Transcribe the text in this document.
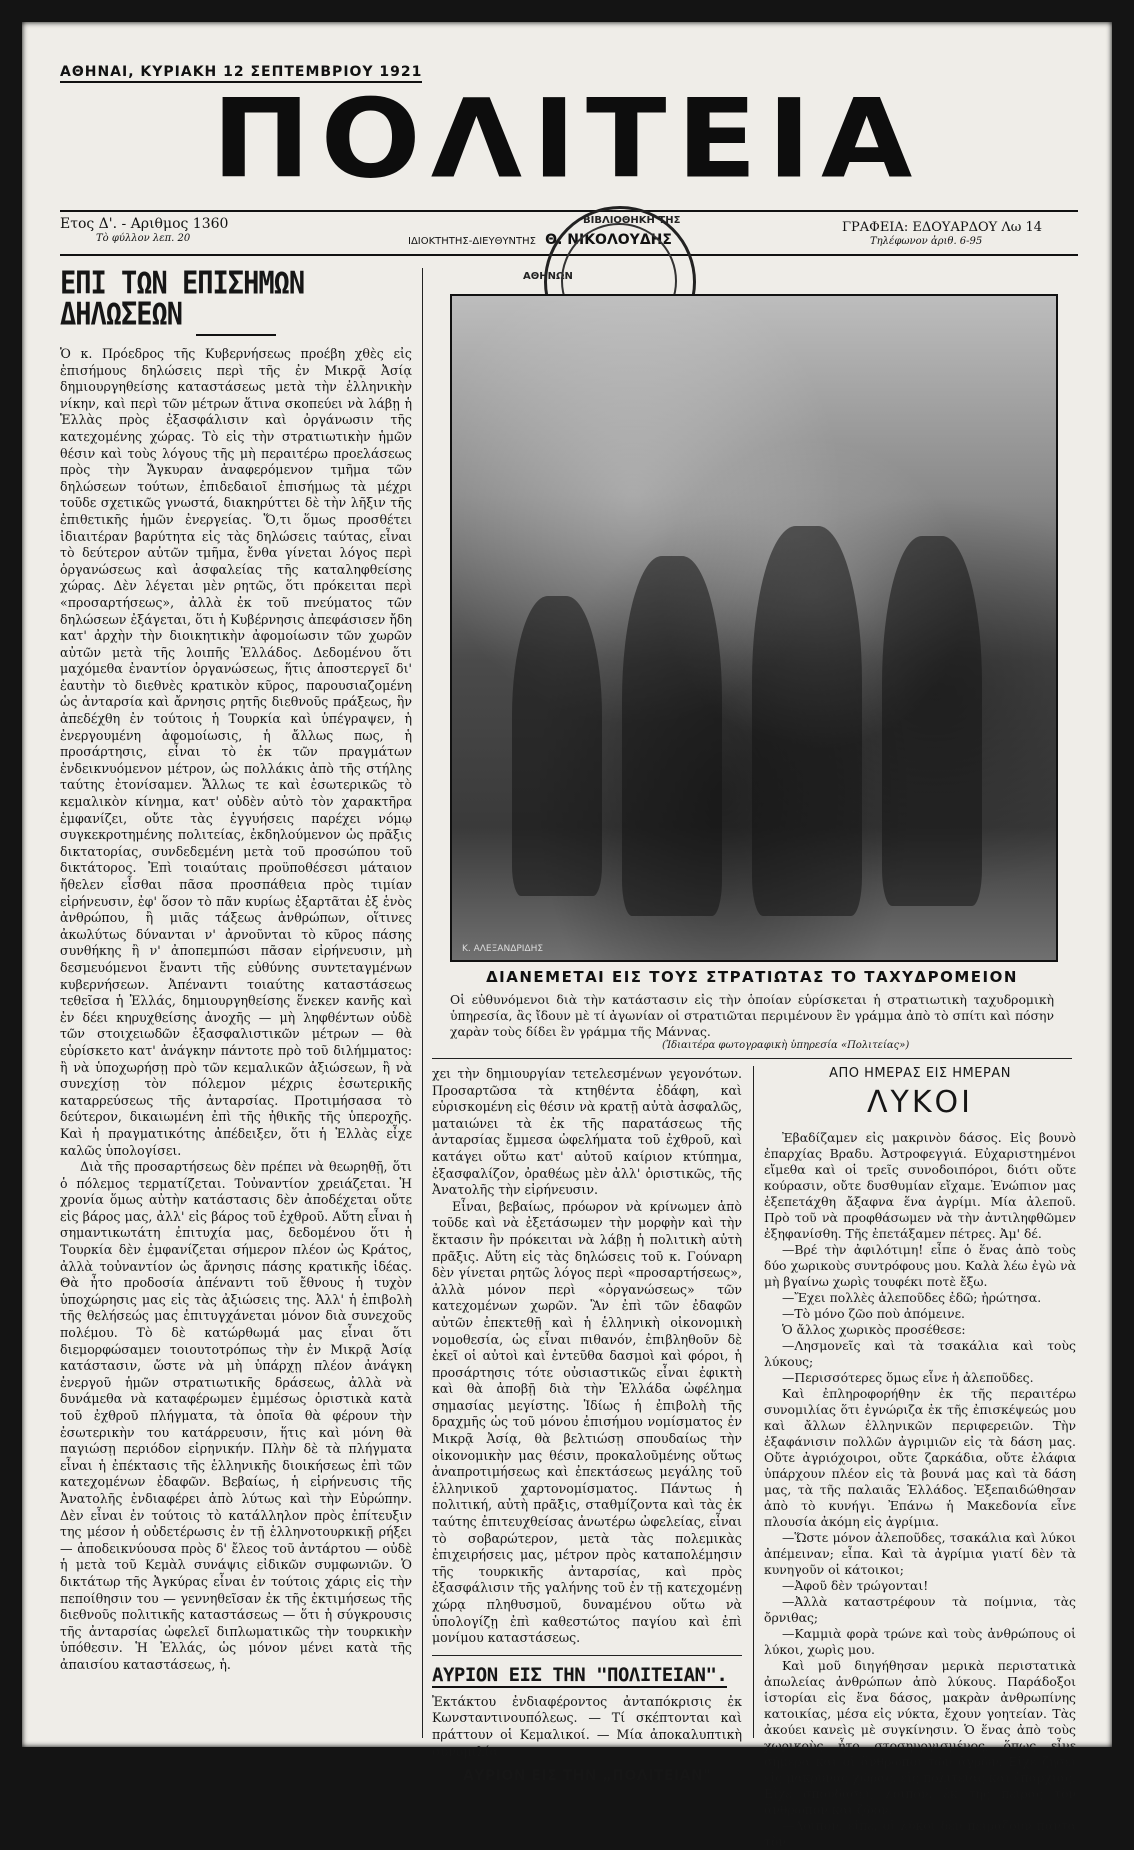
ΑΘΗΝΑΙ, ΚΥΡΙΑΚΗ 12 ΣΕΠΤΕΜΒΡΙΟΥ 1921
ΠΟΛΙΤΕΙΑ
Ετος Δ'. - Αριθμος 1360
Τὸ φύλλον λεπ. 20	ΙΔΙΟΚΤΗΤΗΣ-ΔΙΕΥΘΥΝΤΗΣ Θ. ΝΙΚΟΛΟΥΔΗΣ
ΓΡΑΦΕΙΑ: ΕΔΟΥΑΡΔΟΥ Λω 14
Τηλέφωνον ἀριθ. 6-95
ΒΙΒΛΙΟΘΗΚΗ ΤΗΣ
ΑΘΗΝΩΝ
ΕΠΙ ΤΩΝ ΕΠΙΣΗΜΩΝ ΔΗΛΩΣΕΩΝ

Ὁ κ. Πρόεδρος τῆς Κυβερνήσεως προέβη χθὲς εἰς ἐπισήμους δηλώσεις περὶ τῆς ἐν Μικρᾷ Ἀσίᾳ δημιουργηθείσης καταστάσεως μετὰ τὴν ἑλληνικὴν νίκην, καὶ περὶ τῶν μέτρων ἅτινα σκοπεύει νὰ λάβῃ ἡ Ἑλλὰς πρὸς ἐξασφάλισιν καὶ ὀργάνωσιν τῆς κατεχομένης χώρας. Τὸ εἰς τὴν στρατιωτικὴν ἡμῶν θέσιν καὶ τοὺς λόγους τῆς μὴ περαιτέρω προελάσεως πρὸς τὴν Ἄγκυραν ἀναφερόμενον τμῆμα τῶν δηλώσεων τούτων, ἐπιδεδαιοῖ ἐπισήμως τὰ μέχρι τοῦδε σχετικῶς γνωστά, διακηρύττει δὲ τὴν λῆξιν τῆς ἐπιθετικῆς ἡμῶν ἐνεργείας. Ὅ,τι ὅμως προσθέτει ἰδιαιτέραν βαρύτητα εἰς τὰς δηλώσεις ταύτας, εἶναι τὸ δεύτερον αὐτῶν τμῆμα, ἔνθα γίνεται λόγος περὶ ὀργανώσεως καὶ ἀσφαλείας τῆς καταληφθείσης χώρας. Δὲν λέγεται μὲν ρητῶς, ὅτι πρόκειται περὶ «προσαρτήσεως», ἀλλὰ ἐκ τοῦ πνεύματος τῶν δηλώσεων ἐξάγεται, ὅτι ἡ Κυβέρνησις ἀπεφάσισεν ἤδη κατ' ἀρχὴν τὴν διοικητικὴν ἀφομοίωσιν τῶν χωρῶν αὐτῶν μετὰ τῆς λοιπῆς Ἑλλάδος. Δεδομένου ὅτι μαχόμεθα ἐναντίον ὀργανώσεως, ἥτις ἀποστεργεῖ δι' ἑαυτὴν τὸ διεθνὲς κρατικὸν κῦρος, παρουσιαζομένη ὡς ἀνταρσία καὶ ἄρνησις ρητῆς διεθνοῦς πράξεως, ἣν ἀπεδέχθη ἐν τούτοις ἡ Τουρκία καὶ ὑπέγραψεν, ἡ ἐνεργουμένη ἀφομοίωσις, ἡ ἄλλως πως, ἡ προσάρτησις, εἶναι τὸ ἐκ τῶν πραγμάτων ἐνδεικνυόμενον μέτρον, ὡς πολλάκις ἀπὸ τῆς στήλης ταύτης ἐτονίσαμεν. Ἄλλως τε καὶ ἐσωτερικῶς τὸ κεμαλικὸν κίνημα, κατ' οὐδὲν αὐτὸ τὸν χαρακτῆρα ἐμφανίζει, οὔτε τὰς ἐγγυήσεις παρέχει νόμῳ συγκεκροτημένης πολιτείας, ἐκδηλούμενον ὡς πρᾶξις δικτατορίας, συνδεδεμένη μετὰ τοῦ προσώπου τοῦ δικτάτορος. Ἐπὶ τοιαύταις προϋποθέσεσι μάταιον ἤθελεν εἶσθαι πᾶσα προσπάθεια πρὸς τιμίαν εἰρήνευσιν, ἐφ' ὅσον τὸ πᾶν κυρίως ἐξαρτᾶται ἐξ ἑνὸς ἀνθρώπου, ἢ μιᾶς τάξεως ἀνθρώπων, οἵτινες ἀκωλύτως δύνανται ν' ἀρνοῦνται τὸ κῦρος πάσης συνθήκης ἢ ν' ἀποπεμπώσι πᾶσαν εἰρήνευσιν, μὴ δεσμευόμενοι ἔναντι τῆς εὐθύνης συντεταγμένων κυβερνήσεων. Ἀπέναντι τοιαύτης καταστάσεως τεθεῖσα ἡ Ἑλλάς, δημιουργηθείσης ἕνεκεν κανῆς καὶ ἐν δέει κηρυχθείσης ἀνοχῆς — μὴ ληφθέντων οὐδὲ τῶν στοιχειωδῶν ἐξασφαλιστικῶν μέτρων — θὰ εὑρίσκετο κατ' ἀνάγκην πάντοτε πρὸ τοῦ διλήμματος: ἢ νὰ ὑποχωρήσῃ πρὸ τῶν κεμαλικῶν ἀξιώσεων, ἢ νὰ συνεχίσῃ τὸν πόλεμον μέχρις ἐσωτερικῆς καταρρεύσεως τῆς ἀνταρσίας. Προτιμήσασα τὸ δεύτερον, δικαιωμένη ἐπὶ τῆς ἠθικῆς τῆς ὑπεροχῆς. Καὶ ἡ πραγματικότης ἀπέδειξεν, ὅτι ἡ Ἑλλὰς εἶχε καλῶς ὑπολογίσει.

Διὰ τῆς προσαρτήσεως δὲν πρέπει νὰ θεωρηθῇ, ὅτι ὁ πόλεμος τερματίζεται. Τοὐναντίον χρειάζεται. Ἡ χρονία ὅμως αὐτὴν κατάστασις δὲν ἀποδέχεται οὔτε εἰς βάρος μας, ἀλλ' εἰς βάρος τοῦ ἐχθροῦ. Αὕτη εἶναι ἡ σημαντικωτάτη ἐπιτυχία μας, δεδομένου ὅτι ἡ Τουρκία δὲν ἐμφανίζεται σήμερον πλέον ὡς Κράτος, ἀλλὰ τοὐναντίον ὡς ἄρνησις πάσης κρατικῆς ἰδέας. Θὰ ἦτο προδοσία ἀπέναντι τοῦ ἔθνους ἡ τυχὸν ὑποχώρησις μας εἰς τὰς ἀξιώσεις της. Ἀλλ' ἡ ἐπιβολὴ τῆς θελήσεώς μας ἐπιτυγχάνεται μόνον διὰ συνεχοῦς πολέμου. Τὸ δὲ κατώρθωμά μας εἶναι ὅτι διεμορφώσαμεν τοιουτοτρόπως τὴν ἐν Μικρᾷ Ἀσίᾳ κατάστασιν, ὥστε νὰ μὴ ὑπάρχῃ πλέον ἀνάγκη ἐνεργοῦ ἡμῶν στρατιωτικῆς δράσεως, ἀλλὰ νὰ δυνάμεθα νὰ καταφέρωμεν ἐμμέσως ὁριστικὰ κατὰ τοῦ ἐχθροῦ πλήγματα, τὰ ὁποῖα θὰ φέρουν τὴν ἐσωτερικὴν του κατάρρευσιν, ἥτις καὶ μόνη θὰ παγιώσῃ περιόδον εἰρηνικήν. Πλὴν δὲ τὰ πλήγματα εἶναι ἡ ἐπέκτασις τῆς ἑλληνικῆς διοικήσεως ἐπὶ τῶν κατεχομένων ἐδαφῶν. Βεβαίως, ἡ εἰρήνευσις τῆς Ἀνατολῆς ἐνδιαφέρει ἀπὸ λύτως καὶ τὴν Εὐρώπην. Δὲν εἶναι ἐν τούτοις τὸ κατάλληλον πρὸς ἐπίτευξιν της μέσον ἡ οὐδετέρωσις ἐν τῇ ἑλληνοτουρκικῇ ρήξει — ἀποδεικνύουσα πρὸς δ' ἔλεος τοῦ ἀντάρτου — οὐδὲ ἡ μετὰ τοῦ Κεμὰλ συνάψις εἰδικῶν συμφωνιῶν. Ὁ δικτάτωρ τῆς Ἀγκύρας εἶναι ἐν τούτοις χάρις εἰς τὴν πεποίθησιν του — γεννηθεῖσαν ἐκ τῆς ἐκτιμήσεως τῆς διεθνοῦς πολιτικῆς καταστάσεως — ὅτι ἡ σύγκρουσις τῆς ἀνταρσίας ὠφελεῖ διπλωματικῶς τὴν τουρκικὴν ὑπόθεσιν. Ἡ Ἑλλάς, ὡς μόνον μένει κατὰ τῆς ἀπαισίου καταστάσεως, ἡ.

Κ. ΑΛΕΞΑΝΔΡΙΔΗΣ
ΔΙΑΝΕΜΕΤΑΙ ΕΙΣ ΤΟΥΣ ΣΤΡΑΤΙΩΤΑΣ ΤΟ ΤΑΧΥΔΡΟΜΕΙΟΝ
Οἱ εὐθυνόμενοι διὰ τὴν κατάστασιν εἰς τὴν ὁποίαν εὑρίσκεται ἡ στρατιωτικὴ ταχυδρομικὴ ὑπηρεσία, ἂς ἴδουν μὲ τί ἀγωνίαν οἱ στρατιῶται περιμένουν ἓν γράμμα ἀπὸ τὸ σπίτι καὶ πόσην χαρὰν τοὺς δίδει ἓν γράμμα τῆς Μάννας.
(Ἰδιαιτέρα φωτογραφικὴ ὑπηρεσία «Πολιτείας»)

χει τὴν δημιουργίαν τετελεσμένων γεγονότων. Προσαρτῶσα τὰ κτηθέντα ἐδάφη, καὶ εὑρισκομένη εἰς θέσιν νὰ κρατῇ αὐτὰ ἀσφαλῶς, ματαιώνει τὰ ἐκ τῆς παρατάσεως τῆς ἀνταρσίας ἔμμεσα ὠφελήματα τοῦ ἐχθροῦ, καὶ κατάγει οὕτω κατ' αὐτοῦ καίριον κτύπημα, ἐξασφαλίζον, ὀραθέως μὲν ἀλλ' ὁριστικῶς, τῆς Ἀνατολῆς τὴν εἰρήνευσιν.

Εἶναι, βεβαίως, πρόωρον νὰ κρίνωμεν ἀπὸ τοῦδε καὶ νὰ ἐξετάσωμεν τὴν μορφὴν καὶ τὴν ἔκτασιν ἣν πρόκειται νὰ λάβῃ ἡ πολιτικὴ αὐτὴ πρᾶξις. Αὕτη εἰς τὰς δηλώσεις τοῦ κ. Γούναρη δὲν γίνεται ρητῶς λόγος περὶ «προσαρτήσεως», ἀλλὰ μόνον περὶ «ὀργανώσεως» τῶν κατεχομένων χωρῶν. Ἂν ἐπὶ τῶν ἐδαφῶν αὐτῶν ἐπεκτεθῇ καὶ ἡ ἑλληνικὴ οἰκονομικὴ νομοθεσία, ὡς εἶναι πιθανόν, ἐπιβληθοῦν δὲ ἐκεῖ οἱ αὐτοὶ καὶ ἐντεῦθα δασμοὶ καὶ φόροι, ἡ προσάρτησις τότε οὐσιαστικῶς εἶναι ἐφικτὴ καὶ θὰ ἀποβῇ διὰ τὴν Ἑλλάδα ὠφέλημα σημασίας μεγίστης. Ἰδίως ἡ ἐπιβολὴ τῆς δραχμῆς ὡς τοῦ μόνου ἐπισήμου νομίσματος ἐν Μικρᾷ Ἀσίᾳ, θὰ βελτιώσῃ σπουδαίως τὴν οἰκονομικὴν μας θέσιν, προκαλοῦμένης οὕτως ἀναπροτιμήσεως καὶ ἐπεκτάσεως μεγάλης τοῦ ἑλληνικοῦ χαρτονομίσματος. Πάντως ἡ πολιτική, αὐτὴ πρᾶξις, σταθμίζοντα καὶ τὰς ἐκ ταύτης ἐπιτευχθείσας ἀνωτέρω ὠφελείας, εἶναι τὸ σοβαρώτερον, μετὰ τὰς πολεμικὰς ἐπιχειρήσεις μας, μέτρον πρὸς καταπολέμησιν τῆς τουρκικῆς ἀνταρσίας, καὶ πρὸς ἐξασφάλισιν τῆς γαλήνης τοῦ ἐν τῇ κατεχομένῃ χώρᾳ πληθυσμοῦ, δυναμένου οὕτω νὰ ὑπολογίζῃ ἐπὶ καθεστώτος παγίου καὶ ἐπὶ μονίμου καταστάσεως.

ΑΥΡΙΟΝ ΕΙΣ ΤΗΝ "ΠΟΛΙΤΕΙΑΝ".

Ἐκτάκτου ἐνδιαφέροντος ἀνταπόκρισις ἐκ Κωνσταντινουπόλεως. — Τί σκέπτονται καὶ πράττουν οἱ Κεμαλικοί. — Μία ἀποκαλυπτικὴ συνομιλία.

ΑΥΡΙΟΝ ΕΙΣ ΤΗΝ „ΠΟΛΙΤΕΙΑΝ"
ΑΠΟ ΗΜΕΡΑΣ ΕΙΣ ΗΜΕΡΑΝ
ΛΥΚΟΙ

Ἐβαδίζαμεν εἰς μακρινὸν δάσος. Εἰς βουνὸ ἐπαρχίας Βραδυ. Ἀστροφεγγιά. Εὐχαριστημένοι εἴμεθα καὶ οἱ τρεῖς συνοδοιπόροι, διότι οὔτε κούρασιν, οὔτε δυσθυμίαν εἴχαμε. Ἐνώπιον μας ἐξεπετάχθη ἄξαφνα ἕνα ἀγρίμι. Μία ἀλεποῦ. Πρὸ τοῦ νὰ προφθάσωμεν νὰ τὴν ἀντιληφθῶμεν ἐξηφανίσθη. Τῆς ἐπετάξαμεν πέτρες. Ἀμ' δέ.

—Βρέ τὴν ἀφιλότιμη! εἶπε ὁ ἕνας ἀπὸ τοὺς δύο χωρικοὺς συντρόφους μου. Καλὰ λέω ἐγὼ νὰ μὴ βγαίνω χωρὶς τουφέκι ποτὲ ἔξω.

—Ἔχει πολλὲς ἀλεποῦδες ἐδῶ; ἠρώτησα.

—Τὸ μόνο ζῶο ποὺ ἀπόμεινε.

Ὁ ἄλλος χωρικὸς προσέθεσε:

—Λησμονεῖς καὶ τὰ τσακάλια καὶ τοὺς λύκους;

—Περισσότερες ὅμως εἶνε ἡ ἀλεποῦδες.

Καὶ ἐπληροφορήθην ἐκ τῆς περαιτέρω συνομιλίας ὅτι ἐγνώριζα ἐκ τῆς ἐπισκέψεώς μου καὶ ἄλλων ἑλληνικῶν περιφερειῶν. Τὴν ἐξαφάνισιν πολλῶν ἀγριμιῶν εἰς τὰ δάση μας. Οὔτε ἀγριόχοιροι, οὔτε ζαρκάδια, οὔτε ἐλάφια ὑπάρχουν πλέον εἰς τὰ βουνά μας καὶ τὰ δάση μας, τὰ τῆς παλαιᾶς Ἑλλάδος. Ἐξεπαιδώθησαν ἀπὸ τὸ κυνήγι. Ἐπάνω ἡ Μακεδονία εἶνε πλουσία ἀκόμη εἰς ἀγρίμια.

—Ὥστε μόνον ἀλεποῦδες, τσακάλια καὶ λύκοι ἀπέμειναν; εἶπα. Καὶ τὰ ἀγρίμια γιατί δὲν τὰ κυνηγοῦν οἱ κάτοικοι;

—Ἀφοῦ δὲν τρώγονται!

—Ἀλλὰ καταστρέφουν τὰ ποίμνια, τὰς ὄρνιθας;

—Καμμιὰ φορὰ τρώνε καὶ τοὺς ἀνθρώπους οἱ λύκοι, χωρὶς μου.

Καὶ μοῦ διηγήθησαν μερικὰ περιστατικὰ ἀπωλείας ἀνθρώπων ἀπὸ λύκους. Παράδοξοι ἱστορίαι εἰς ἕνα δάσος, μακρὰν ἀνθρωπίνης κατοικίας, μέσα εἰς νύκτα, ἔχουν γοητείαν. Τὰς ἀκούει κανεὶς μὲ συγκίνησιν. Ὁ ἕνας ἀπὸ τοὺς χωρικοὺς ἦτο στοσηυργισμένος, ὅπως εἶνε σήμερα καὶ οἱ ἄνθρωποι τῶν ἀγρῶν. Εἶχε ζήσει εἰς μακρυνὰς χώρας, εἰς πολιτείας καὶ ἐπαρχίας. Εἶχε σπουδάσει, λοιπόν, ἐκ τῆς πείρας τὸν ἄνθρωπον καὶ ζῷον.

—Λοιπόν, εἶπε, οἱ λύκοι δὲν πειράζουν πάντα τὸν
